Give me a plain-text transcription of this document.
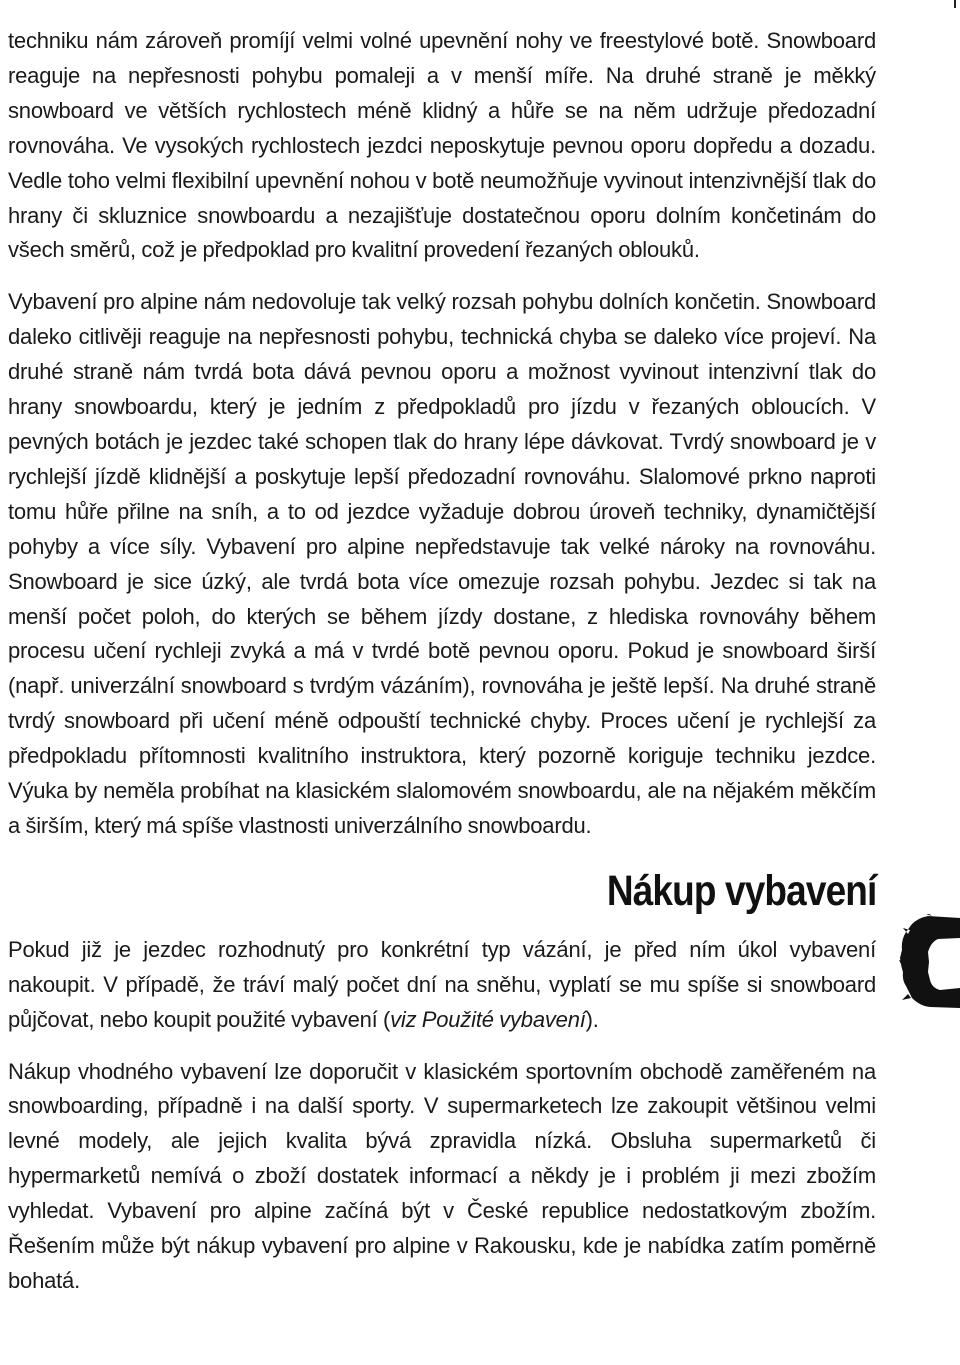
techniku nám zároveň promíjí velmi volné upevnění nohy ve freestylové botě. Snowboard reaguje na nepřesnosti pohybu pomaleji a v menší míře. Na druhé straně je měkký snowboard ve větších rychlostech méně klidný a hůře se na něm udržuje předozadní rovnováha. Ve vysokých rychlostech jezdci neposkytuje pevnou oporu dopředu a dozadu. Vedle toho velmi flexibilní upevnění nohou v botě neumožňuje vyvinout intenzivnější tlak do hrany či skluznice snowboardu a nezajišťuje dostatečnou oporu dolním končetinám do všech směrů, což je předpoklad pro kvalitní provedení řezaných oblouků.

Vybavení pro alpine nám nedovoluje tak velký rozsah pohybu dolních končetin. Snowboard daleko citlivěji reaguje na nepřesnosti pohybu, technická chyba se daleko více projeví. Na druhé straně nám tvrdá bota dává pevnou oporu a možnost vyvinout intenzivní tlak do hrany snowboardu, který je jedním z předpokladů pro jízdu v řezaných obloucích. V pevných botách je jezdec také schopen tlak do hrany lépe dávkovat. Tvrdý snowboard je v rychlejší jízdě klidnější a poskytuje lepší předozadní rovnováhu. Slalomové prkno naproti tomu hůře přilne na sníh, a to od jezdce vyžaduje dobrou úroveň techniky, dynamičtější pohyby a více síly. Vybavení pro alpine nepředstavuje tak velké nároky na rovnováhu. Snowboard je sice úzký, ale tvrdá bota více omezuje rozsah pohybu. Jezdec si tak na menší počet poloh, do kterých se během jízdy dostane, z hlediska rovnováhy během procesu učení rychleji zvyká a má v tvrdé botě pevnou oporu. Pokud je snowboard širší (např. univerzální snowboard s tvrdým vázáním), rovnováha je ještě lepší. Na druhé straně tvrdý snowboard při učení méně odpouští technické chyby. Proces učení je rychlejší za předpokladu přítomnosti kvalitního instruktora, který pozorně koriguje techniku jezdce. Výuka by neměla probíhat na klasickém slalomovém snowboardu, ale na nějakém měkčím a širším, který má spíše vlastnosti univerzálního snowboardu.

Nákup vybavení

Pokud již je jezdec rozhodnutý pro konkrétní typ vázání, je před ním úkol vybavení nakoupit. V případě, že tráví malý počet dní na sněhu, vyplatí se mu spíše si snowboard půjčovat, nebo koupit použité vybavení (viz Použité vybavení).

Nákup vhodného vybavení lze doporučit v klasickém sportovním obchodě zaměřeném na snowboarding, případně i na další sporty. V supermarketech lze zakoupit většinou velmi levné modely, ale jejich kvalita bývá zpravidla nízká. Obsluha supermarketů či hypermarketů nemívá o zboží dostatek informací a někdy je i problém ji mezi zbožím vyhledat. Vybavení pro alpine začíná být v České republice nedostatkovým zbožím. Řešením může být nákup vybavení pro alpine v Rakousku, kde je nabídka zatím poměrně bohatá.
